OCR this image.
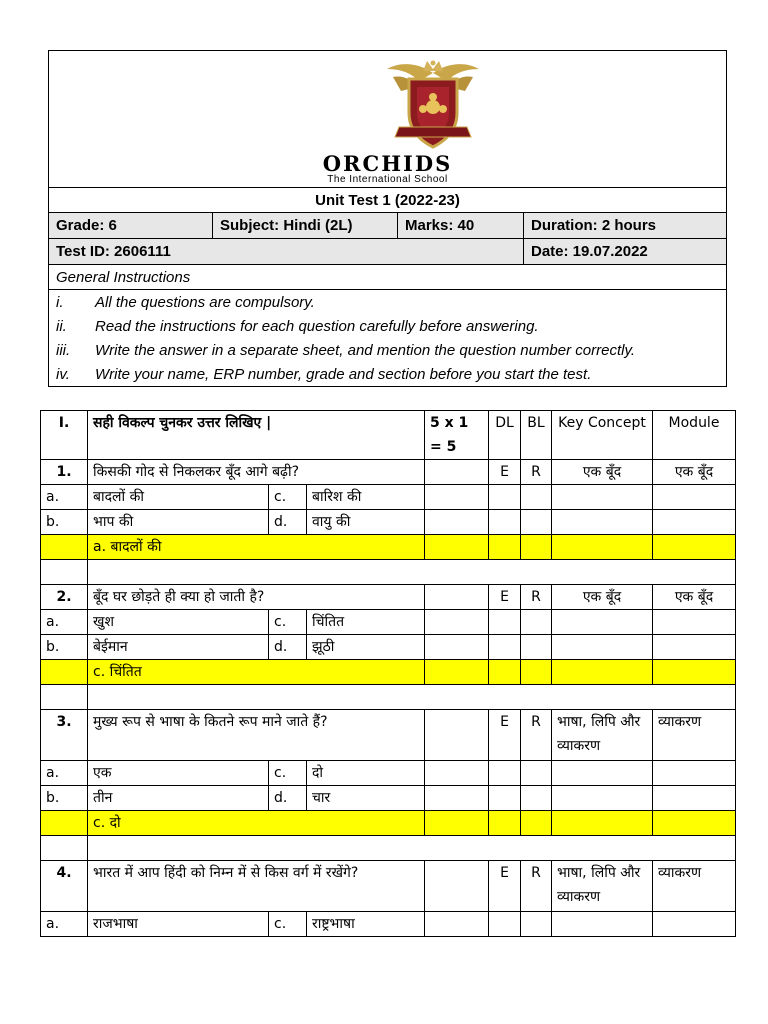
ORCHIDS
The International School
Unit Test 1 (2022-23)
Grade: 6	Subject: Hindi (2L)	Marks: 40	Duration: 2 hours
Test ID: 2606111	Date: 19.07.2022
General Instructions
i.	All the questions are compulsory.
ii.	Read the instructions for each question carefully before answering.
iii.	Write the answer in a separate sheet, and mention the question number correctly.
iv.	Write your name, ERP number, grade and section before you start the test.
I.	सही विकल्प चुनकर उत्तर लिखिए |			5 x 1 = 5	DL	BL	Key Concept	Module
1.	किसकी गोद से निकलकर बूँद आगे बढ़ी?				E	R	एक बूँद	एक बूँद
a.	बादलों की	c.	बारिश की					
b.	भाप की	d.	वायु की					
	a. बादलों की							

2.	बूँद घर छोड़ते ही क्या हो जाती है?				E	R	एक बूँद	एक बूँद
a.	खुश	c.	चिंतित					
b.	बेईमान	d.	झूठी					
	c. चिंतित							

3.	मुख्य रूप से भाषा के कितने रूप माने जाते हैं?				E	R	भाषा, लिपि और व्याकरण	व्याकरण
a.	एक	c.	दो					
b.	तीन	d.	चार					
	c. दो							

4.	भारत में आप हिंदी को निम्न में से किस वर्ग में रखेंगे?				E	R	भाषा, लिपि और व्याकरण	व्याकरण
a.	राजभाषा	c.	राष्ट्रभाषा					
